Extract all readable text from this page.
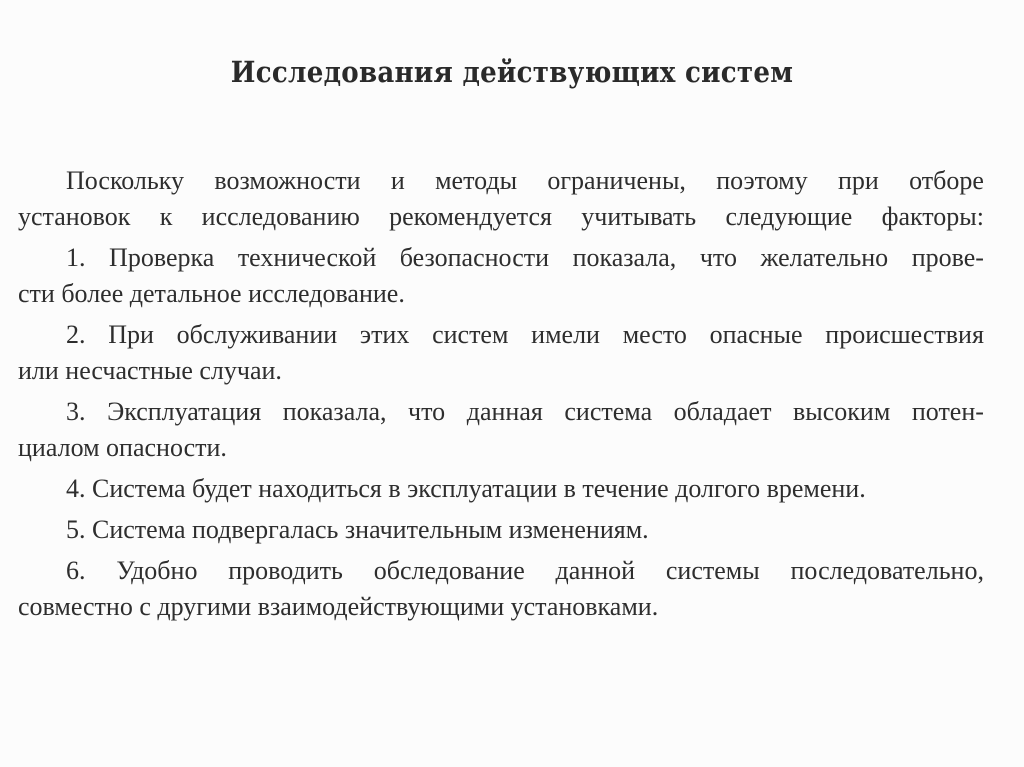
Исследования действующих систем

Поскольку возможности и методы ограничены, поэтому при отборе
установок к исследованию рекомендуется учитывать следующие факторы:

1. Проверка технической безопасности показала, что желательно прове-
сти более детальное исследование.

2. При обслуживании этих систем имели место опасные происшествия
или несчастные случаи.

3. Эксплуатация показала, что данная система обладает высоким потен-
циалом опасности.

4. Система будет находиться в эксплуатации в течение долгого времени.

5. Система подвергалась значительным изменениям.

6. Удобно проводить обследование данной системы последовательно,
совместно с другими взаимодействующими установками.
